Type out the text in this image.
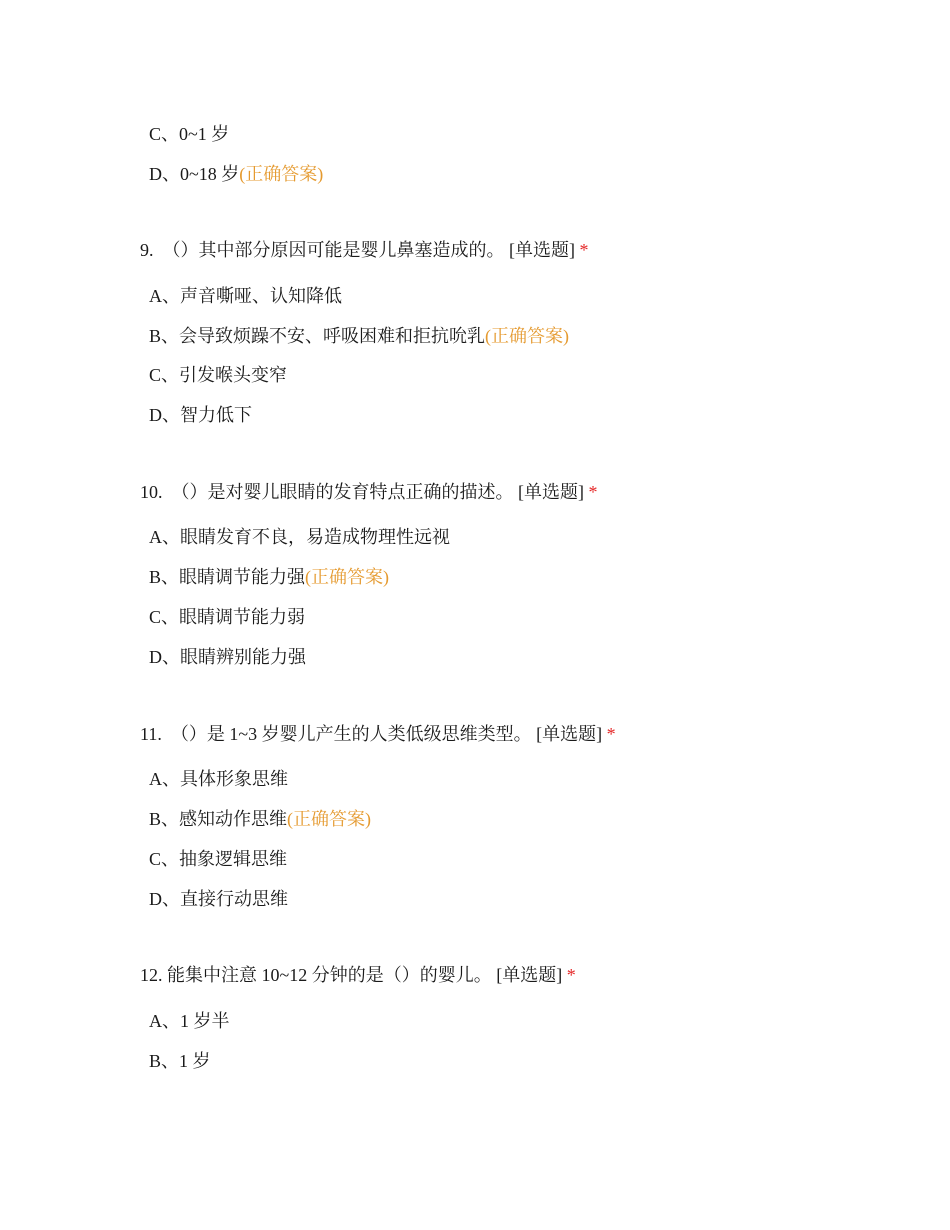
C、0~1 岁
D、0~18 岁(正确答案)
9. （）其中部分原因可能是婴儿鼻塞造成的。 [单选题] *
A、声音嘶哑、认知降低
B、会导致烦躁不安、呼吸困难和拒抗吮乳(正确答案)
C、引发喉头变窄
D、智力低下
10. （）是对婴儿眼睛的发育特点正确的描述。 [单选题] *
A、眼睛发育不良，易造成物理性远视
B、眼睛调节能力强(正确答案)
C、眼睛调节能力弱
D、眼睛辨别能力强
11. （）是 1~3 岁婴儿产生的人类低级思维类型。 [单选题] *
A、具体形象思维
B、感知动作思维(正确答案)
C、抽象逻辑思维
D、直接行动思维
12. 能集中注意 10~12 分钟的是（）的婴儿。 [单选题] *
A、1 岁半
B、1 岁
